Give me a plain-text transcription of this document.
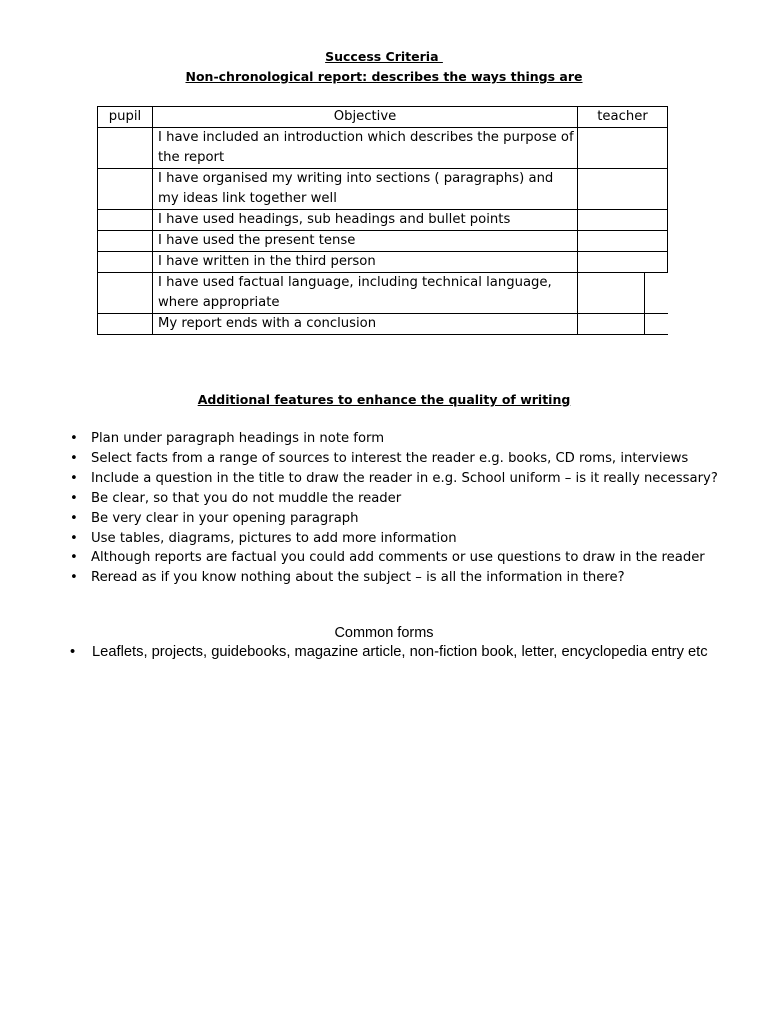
Success Criteria
Non-chronological report: describes the ways things are
pupil	Objective	teacher
	I have included an introduction which describes the purpose of the report	
	I have organised my writing into sections ( paragraphs) and my ideas link together well	
	I have used headings, sub headings and bullet points	
	I have used the present tense	
	I have written in the third person	
	I have used factual language, including technical language, where appropriate	

	My report ends with a conclusion	
Additional features to enhance the quality of writing
• Plan under paragraph headings in note form
• Select facts from a range of sources to interest the reader e.g. books, CD roms, interviews
• Include a question in the title to draw the reader in e.g. School uniform – is it really necessary?
• Be clear, so that you do not muddle the reader
• Be very clear in your opening paragraph
• Use tables, diagrams, pictures to add more information
• Although reports are factual you could add comments or use questions to draw in the reader
• Reread as if you know nothing about the subject – is all the information in there?
Common forms
• Leaflets, projects, guidebooks, magazine article, non-fiction book, letter, encyclopedia entry etc
